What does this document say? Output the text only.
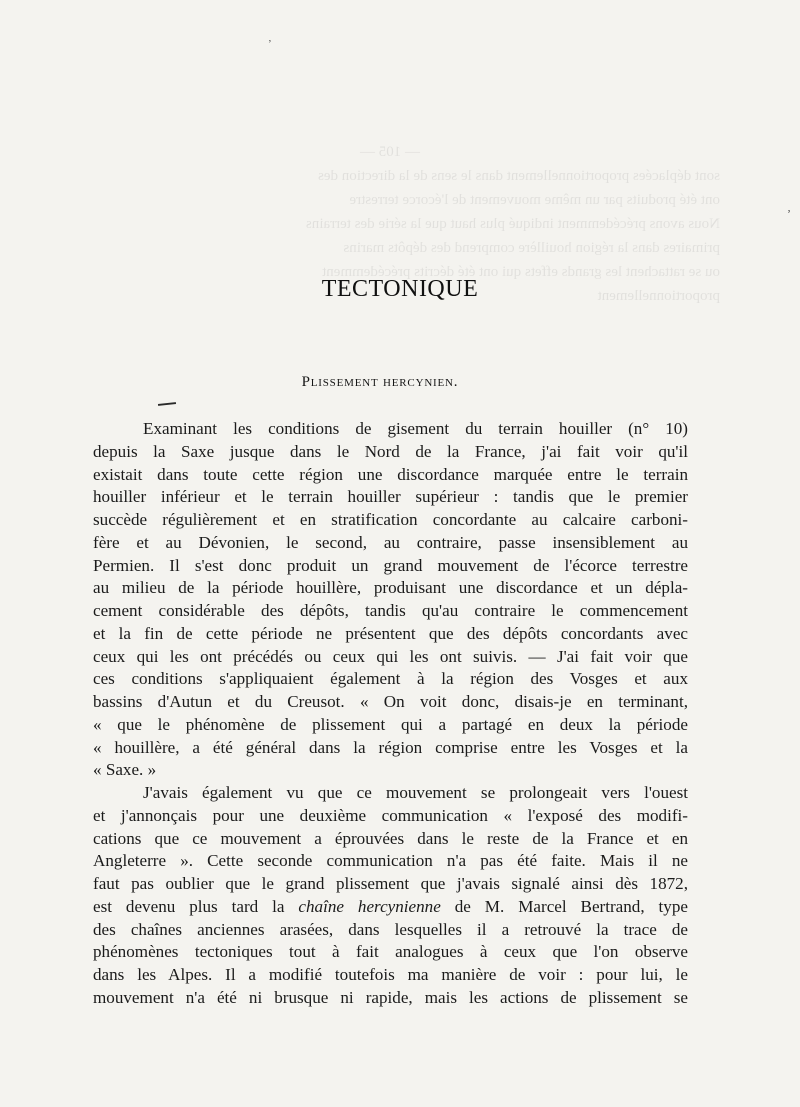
— 105 —
sont déplacées proportionnellement dans le sens de la direction des
ont été produits par un même mouvement de l'écorce terrestre
Nous avons précédemment indiqué plus haut que la série des terrains
primaires dans la région houillère comprend des dépôts marins
ou se rattachent les grands effets qui ont été décrits précédemment
proportionnellement
TECTONIQUE
Plissement hercynien.
Examinant les conditions de gisement du terrain houiller (n° 10)
depuis la Saxe jusque dans le Nord de la France, j'ai fait voir qu'il
existait dans toute cette région une discordance marquée entre le terrain
houiller inférieur et le terrain houiller supérieur : tandis que le premier
succède régulièrement et en stratification concordante au calcaire carboni-
fère et au Dévonien, le second, au contraire, passe insensiblement au
Permien. Il s'est donc produit un grand mouvement de l'écorce terrestre
au milieu de la période houillère, produisant une discordance et un dépla-
cement considérable des dépôts, tandis qu'au contraire le commencement
et la fin de cette période ne présentent que des dépôts concordants avec
ceux qui les ont précédés ou ceux qui les ont suivis. — J'ai fait voir que
ces conditions s'appliquaient également à la région des Vosges et aux
bassins d'Autun et du Creusot. « On voit donc, disais-je en terminant,
« que le phénomène de plissement qui a partagé en deux la période
« houillère, a été général dans la région comprise entre les Vosges et la
« Saxe. »
J'avais également vu que ce mouvement se prolongeait vers l'ouest
et j'annonçais pour une deuxième communication « l'exposé des modifi-
cations que ce mouvement a éprouvées dans le reste de la France et en
Angleterre ». Cette seconde communication n'a pas été faite. Mais il ne
faut pas oublier que le grand plissement que j'avais signalé ainsi dès 1872,
est devenu plus tard la chaîne hercynienne de M. Marcel Bertrand, type
des chaînes anciennes arasées, dans lesquelles il a retrouvé la trace de
phénomènes tectoniques tout à fait analogues à ceux que l'on observe
dans les Alpes. Il a modifié toutefois ma manière de voir : pour lui, le
mouvement n'a été ni brusque ni rapide, mais les actions de plissement se
ʼ
ʼ
